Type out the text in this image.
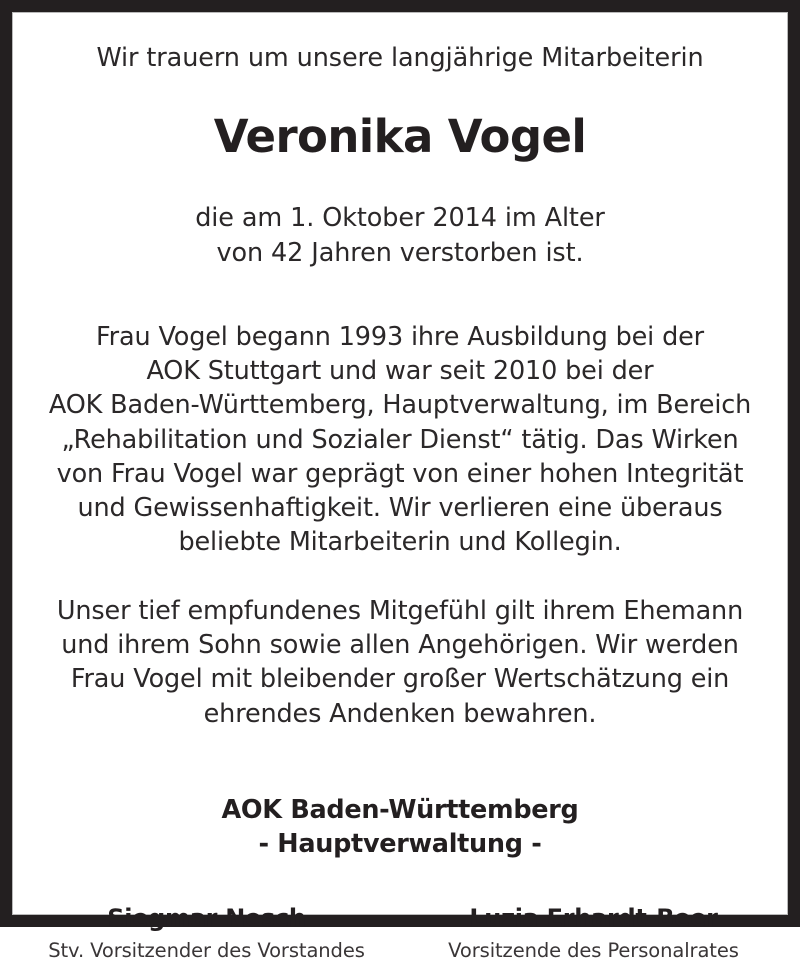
Wir trauern um unsere langjährige Mitarbeiterin
Veronika Vogel
die am 1. Oktober 2014 im Alter
von 42 Jahren verstorben ist.
Frau Vogel begann 1993 ihre Ausbildung bei der
AOK Stuttgart und war seit 2010 bei der
AOK Baden-Württemberg, Hauptverwaltung, im Bereich
„Rehabilitation und Sozialer Dienst“ tätig. Das Wirken
von Frau Vogel war geprägt von einer hohen Integrität
und Gewissenhaftigkeit. Wir verlieren eine überaus
beliebte Mitarbeiterin und Kollegin.
Unser tief empfundenes Mitgefühl gilt ihrem Ehemann
und ihrem Sohn sowie allen Angehörigen. Wir werden
Frau Vogel mit bleibender großer Wertschätzung ein
ehrendes Andenken bewahren.
AOK Baden-Württemberg
- Hauptverwaltung -
Siegmar Nesch
Stv. Vorsitzender des Vorstandes
Luzia Erhardt-Beer
Vorsitzende des Personalrates
